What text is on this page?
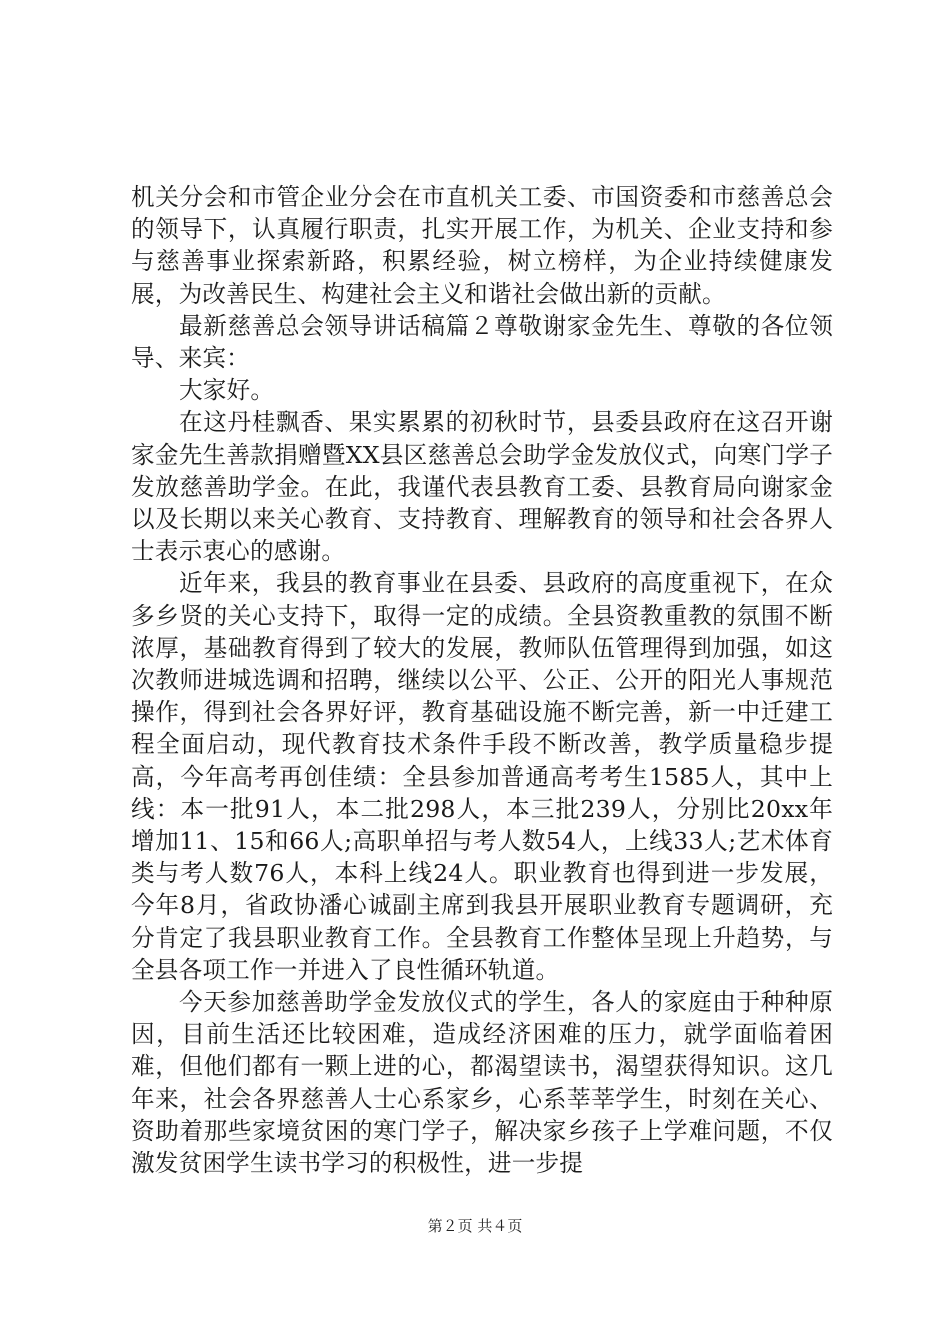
机关分会和市管企业分会在市直机关工委、市国资委和市慈善总会的领导下，认真履行职责，扎实开展工作，为机关、企业支持和参与慈善事业探索新路，积累经验，树立榜样，为企业持续健康发展，为改善民生、构建社会主义和谐社会做出新的贡献。

最新慈善总会领导讲话稿篇２尊敬谢家金先生、尊敬的各位领导、来宾：

大家好。

在这丹桂飘香、果实累累的初秋时节，县委县政府在这召开谢家金先生善款捐赠暨XX县区慈善总会助学金发放仪式，向寒门学子发放慈善助学金。在此，我谨代表县教育工委、县教育局向谢家金以及长期以来关心教育、支持教育、理解教育的领导和社会各界人士表示衷心的感谢。

近年来，我县的教育事业在县委、县政府的高度重视下，在众多乡贤的关心支持下，取得一定的成绩。全县资教重教的氛围不断浓厚，基础教育得到了较大的发展，教师队伍管理得到加强，如这次教师进城选调和招聘，继续以公平、公正、公开的阳光人事规范操作，得到社会各界好评，教育基础设施不断完善，新一中迁建工程全面启动，现代教育技术条件手段不断改善，教学质量稳步提高，今年高考再创佳绩：全县参加普通高考考生1585人，其中上线：本一批91人，本二批298人，本三批239人，分别比20xx年增加11、15和66人;高职单招与考人数54人，上线33人;艺术体育类与考人数76人，本科上线24人。职业教育也得到进一步发展，今年8月，省政协潘心诚副主席到我县开展职业教育专题调研，充分肯定了我县职业教育工作。全县教育工作整体呈现上升趋势，与全县各项工作一并进入了良性循环轨道。

今天参加慈善助学金发放仪式的学生，各人的家庭由于种种原因，目前生活还比较困难，造成经济困难的压力，就学面临着困难，但他们都有一颗上进的心，都渴望读书，渴望获得知识。这几年来，社会各界慈善人士心系家乡，心系莘莘学生，时刻在关心、资助着那些家境贫困的寒门学子，解决家乡孩子上学难问题，不仅激发贫困学生读书学习的积极性，进一步提

第２页 共４页
